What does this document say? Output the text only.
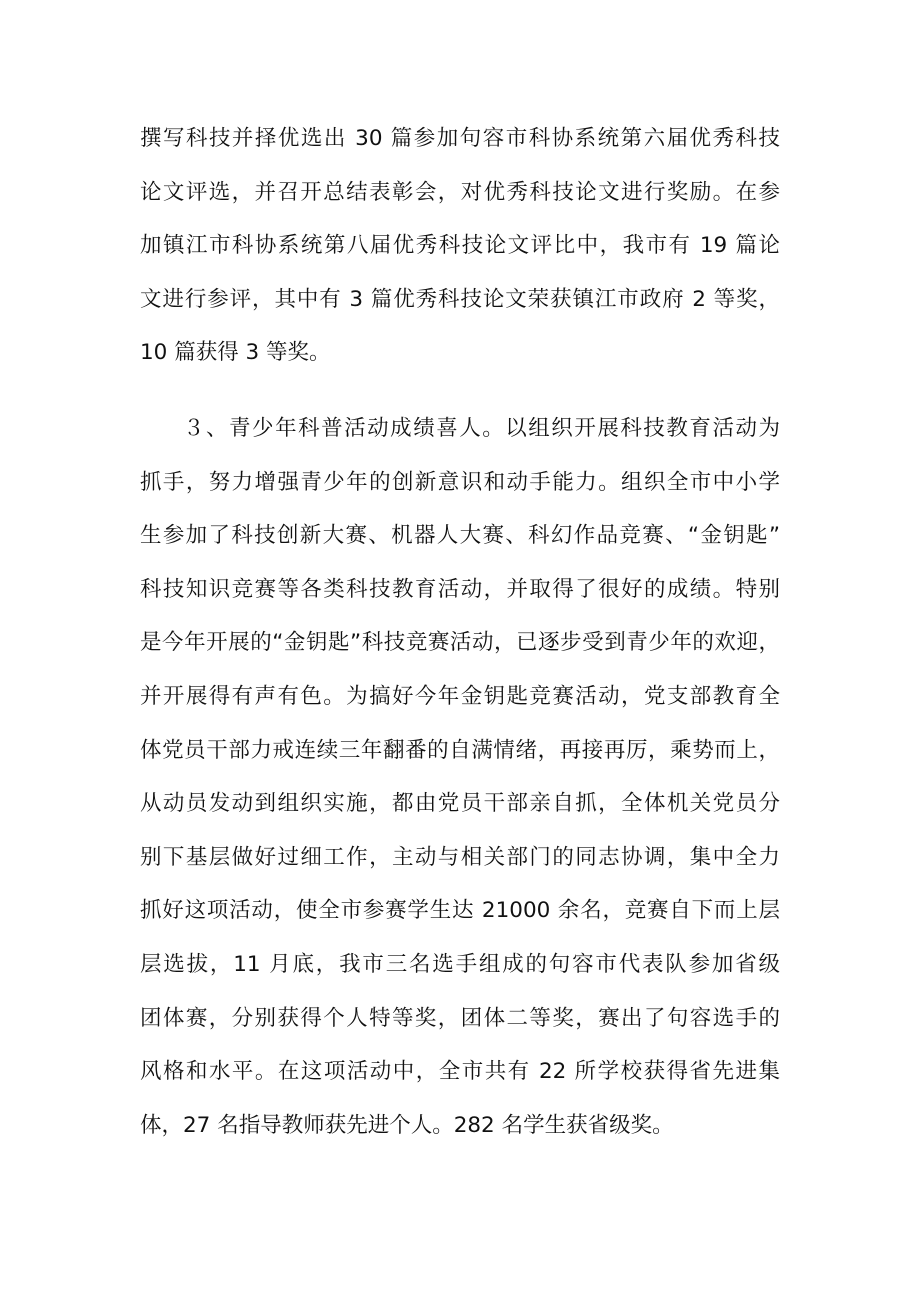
撰写科技并择优选出 30 篇参加句容市科协系统第六届优秀科技
论文评选，并召开总结表彰会，对优秀科技论文进行奖励。在参
加镇江市科协系统第八届优秀科技论文评比中，我市有 19 篇论
文进行参评，其中有 3 篇优秀科技论文荣获镇江市政府 2 等奖，
10 篇获得 3 等奖。
３、青少年科普活动成绩喜人。以组织开展科技教育活动为
抓手，努力增强青少年的创新意识和动手能力。组织全市中小学
生参加了科技创新大赛、机器人大赛、科幻作品竞赛、“金钥匙”
科技知识竞赛等各类科技教育活动，并取得了很好的成绩。特别
是今年开展的“金钥匙”科技竞赛活动，已逐步受到青少年的欢迎，
并开展得有声有色。为搞好今年金钥匙竞赛活动，党支部教育全
体党员干部力戒连续三年翻番的自满情绪，再接再厉，乘势而上，
从动员发动到组织实施，都由党员干部亲自抓，全体机关党员分
别下基层做好过细工作，主动与相关部门的同志协调，集中全力
抓好这项活动，使全市参赛学生达 21000 余名，竞赛自下而上层
层选拔，11 月底，我市三名选手组成的句容市代表队参加省级
团体赛，分别获得个人特等奖，团体二等奖，赛出了句容选手的
风格和水平。在这项活动中，全市共有 22 所学校获得省先进集
体，27 名指导教师获先进个人。282 名学生获省级奖。
